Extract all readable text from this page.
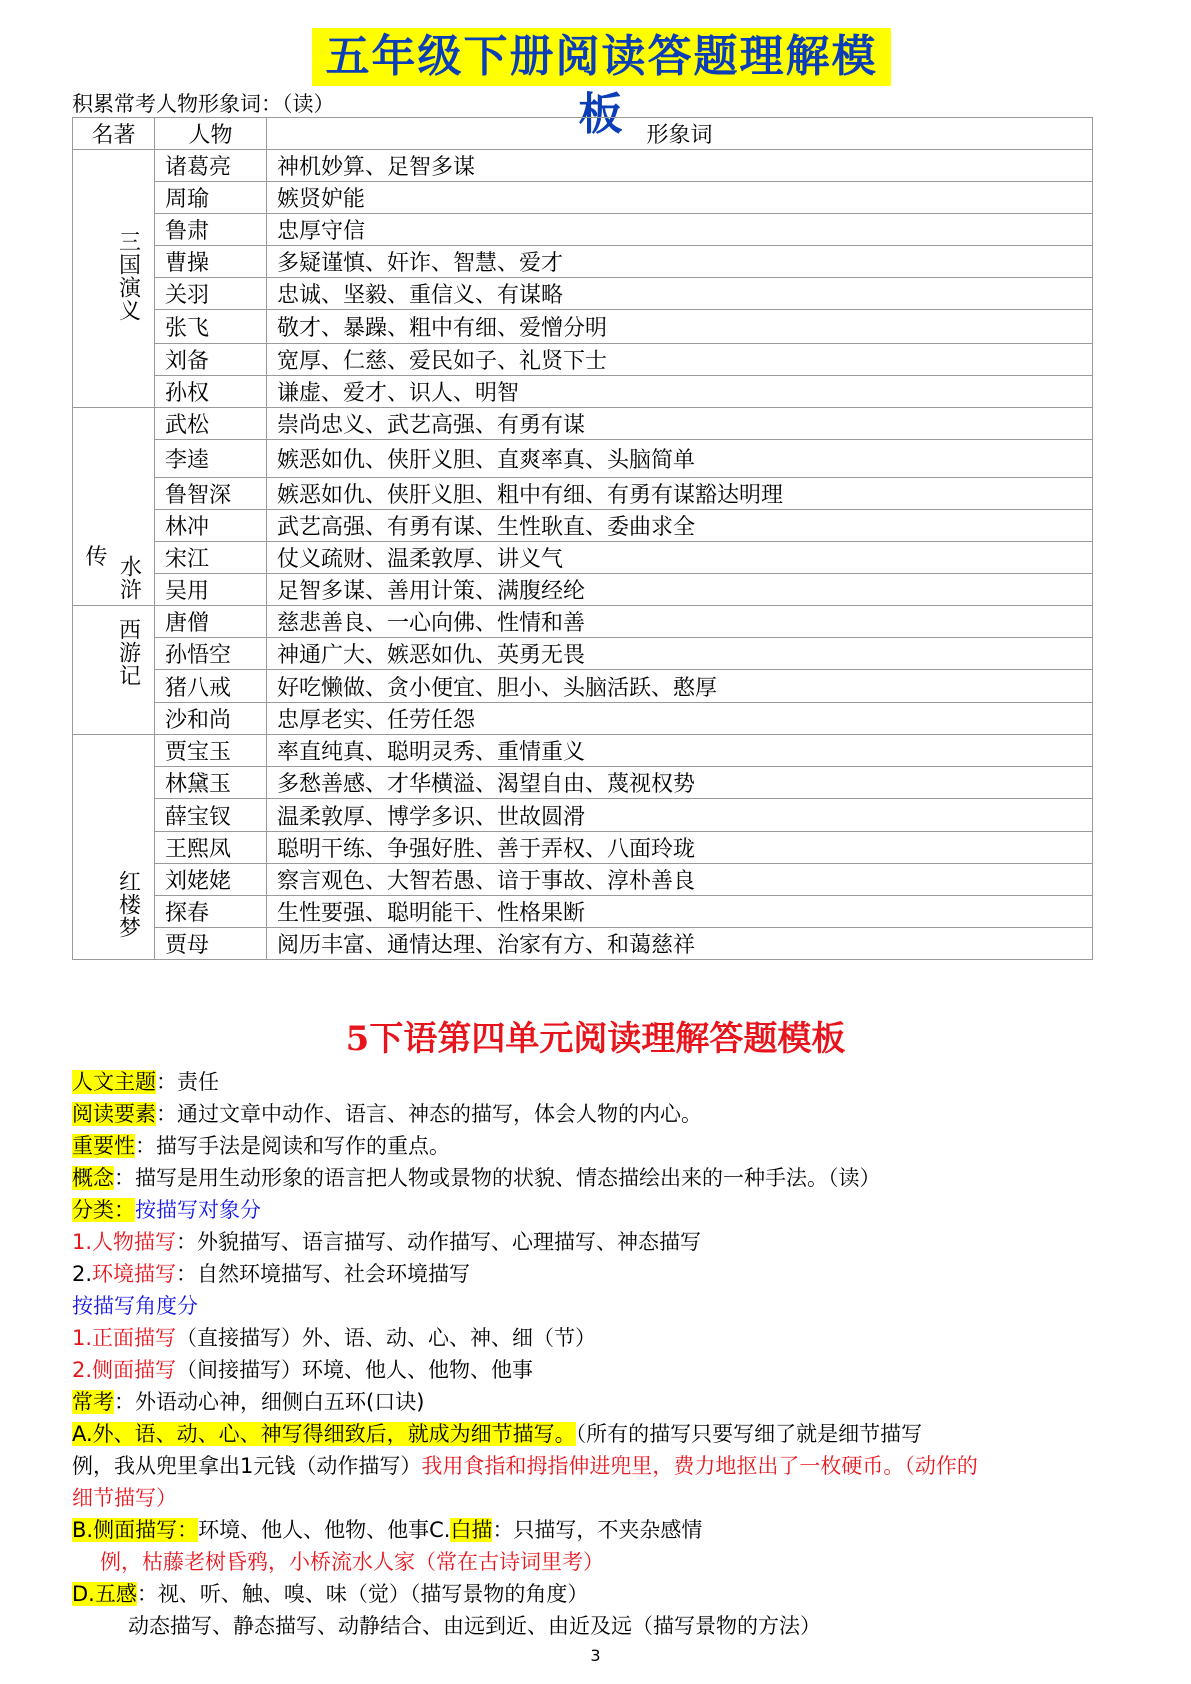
五年级下册阅读答题理解模板
积累常考人物形象词：（读）
名著	人物	形象词
三国演义	诸葛亮	神机妙算、足智多谋
	周瑜	嫉贤妒能
	鲁肃	忠厚守信
	曹操	多疑谨慎、奸诈、智慧、爱才
	关羽	忠诚、坚毅、重信义、有谋略
	张飞	敬才、暴躁、粗中有细、爱憎分明
	刘备	宽厚、仁慈、爱民如子、礼贤下士
	孙权	谦虚、爱才、识人、明智

传 水浒	武松	崇尚忠义、武艺高强、有勇有谋
	李逵	嫉恶如仇、侠肝义胆、直爽率真、头脑简单
	鲁智深	嫉恶如仇、侠肝义胆、粗中有细、有勇有谋豁达明理
	林冲	武艺高强、有勇有谋、生性耿直、委曲求全
	宋江	仗义疏财、温柔敦厚、讲义气
	吴用	足智多谋、善用计策、满腹经纶
西游记	唐僧	慈悲善良、一心向佛、性情和善
	孙悟空	神通广大、嫉恶如仇、英勇无畏
	猪八戒	好吃懒做、贪小便宜、胆小、头脑活跃、憨厚
	沙和尚	忠厚老实、任劳任怨
红楼梦	贾宝玉	率直纯真、聪明灵秀、重情重义
	林黛玉	多愁善感、才华横溢、渴望自由、蔑视权势
	薛宝钗	温柔敦厚、博学多识、世故圆滑
	王熙凤	聪明干练、争强好胜、善于弄权、八面玲珑
	刘姥姥	察言观色、大智若愚、谙于事故、淳朴善良
	探春	生性要强、聪明能干、性格果断
	贾母	阅历丰富、通情达理、治家有方、和蔼慈祥
5下语第四单元阅读理解答题模板
人文主题：责任
阅读要素：通过文章中动作、语言、神态的描写，体会人物的内心。
重要性：描写手法是阅读和写作的重点。
概念：描写是用生动形象的语言把人物或景物的状貌、情态描绘出来的一种手法。（读）
分类：按描写对象分
1.人物描写：外貌描写、语言描写、动作描写、心理描写、神态描写
2.环境描写：自然环境描写、社会环境描写
按描写角度分
1.正面描写（直接描写）外、语、动、心、神、细（节）
2.侧面描写（间接描写）环境、他人、他物、他事
常考：外语动心神，细侧白五环(口诀)
A.外、语、动、心、神写得细致后，就成为细节描写。（所有的描写只要写细了就是细节描写
例，我从兜里拿出1元钱（动作描写）我用食指和拇指伸进兜里，费力地抠出了一枚硬币。（动作的
细节描写）
B.侧面描写：环境、他人、他物、他事C.白描：只描写，不夹杂感情
例，枯藤老树昏鸦，小桥流水人家（常在古诗词里考）
D.五感：视、听、触、嗅、味（觉）（描写景物的角度）
动态描写、静态描写、动静结合、由远到近、由近及远（描写景物的方法）
3
